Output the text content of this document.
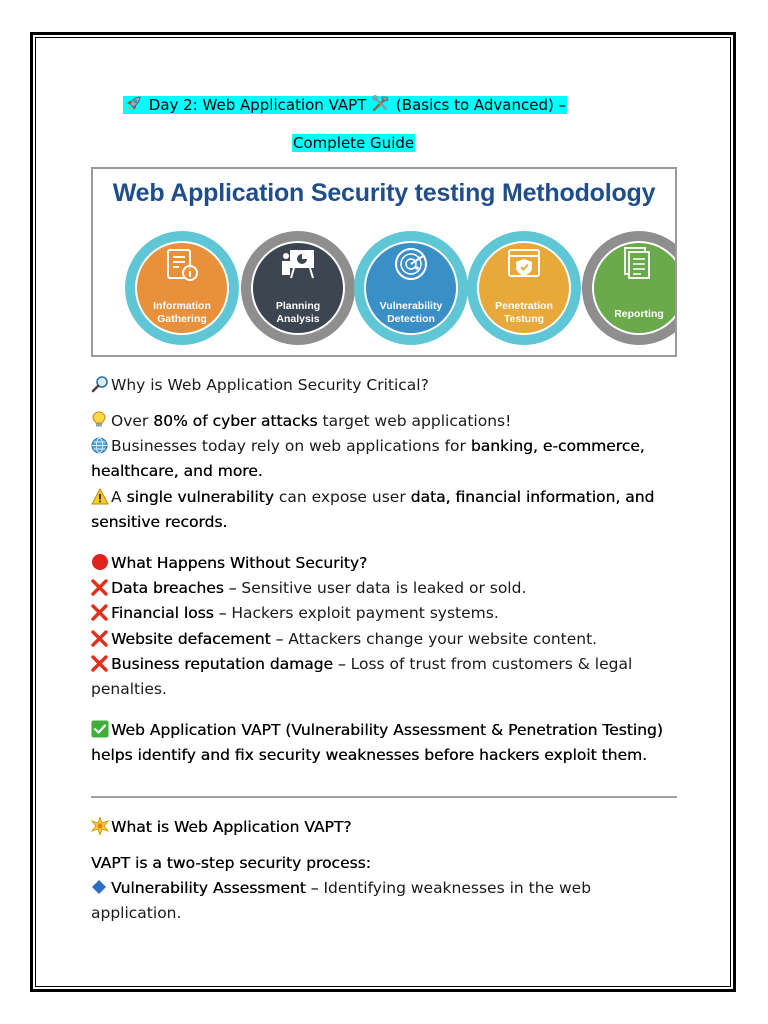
Day 2: Web Application VAPT (Basics to Advanced) –
Complete Guide
Web Application Security testing Methodology
Information
Gathering
Planning
Analysis
Vulnerability
Detection
Penetration
Testung	Reporting
Why is Web Application Security Critical?
Over 80% of cyber attacks target web applications!
Businesses today rely on web applications for banking, e-commerce,
healthcare, and more.
A single vulnerability can expose user data, financial information, and
sensitive records.
What Happens Without Security?
Data breaches – Sensitive user data is leaked or sold.
Financial loss – Hackers exploit payment systems.
Website defacement – Attackers change your website content.
Business reputation damage – Loss of trust from customers & legal
penalties.
Web Application VAPT (Vulnerability Assessment & Penetration Testing)
helps identify and fix security weaknesses before hackers exploit them.
What is Web Application VAPT?
VAPT is a two-step security process:
Vulnerability Assessment – Identifying weaknesses in the web
application.
